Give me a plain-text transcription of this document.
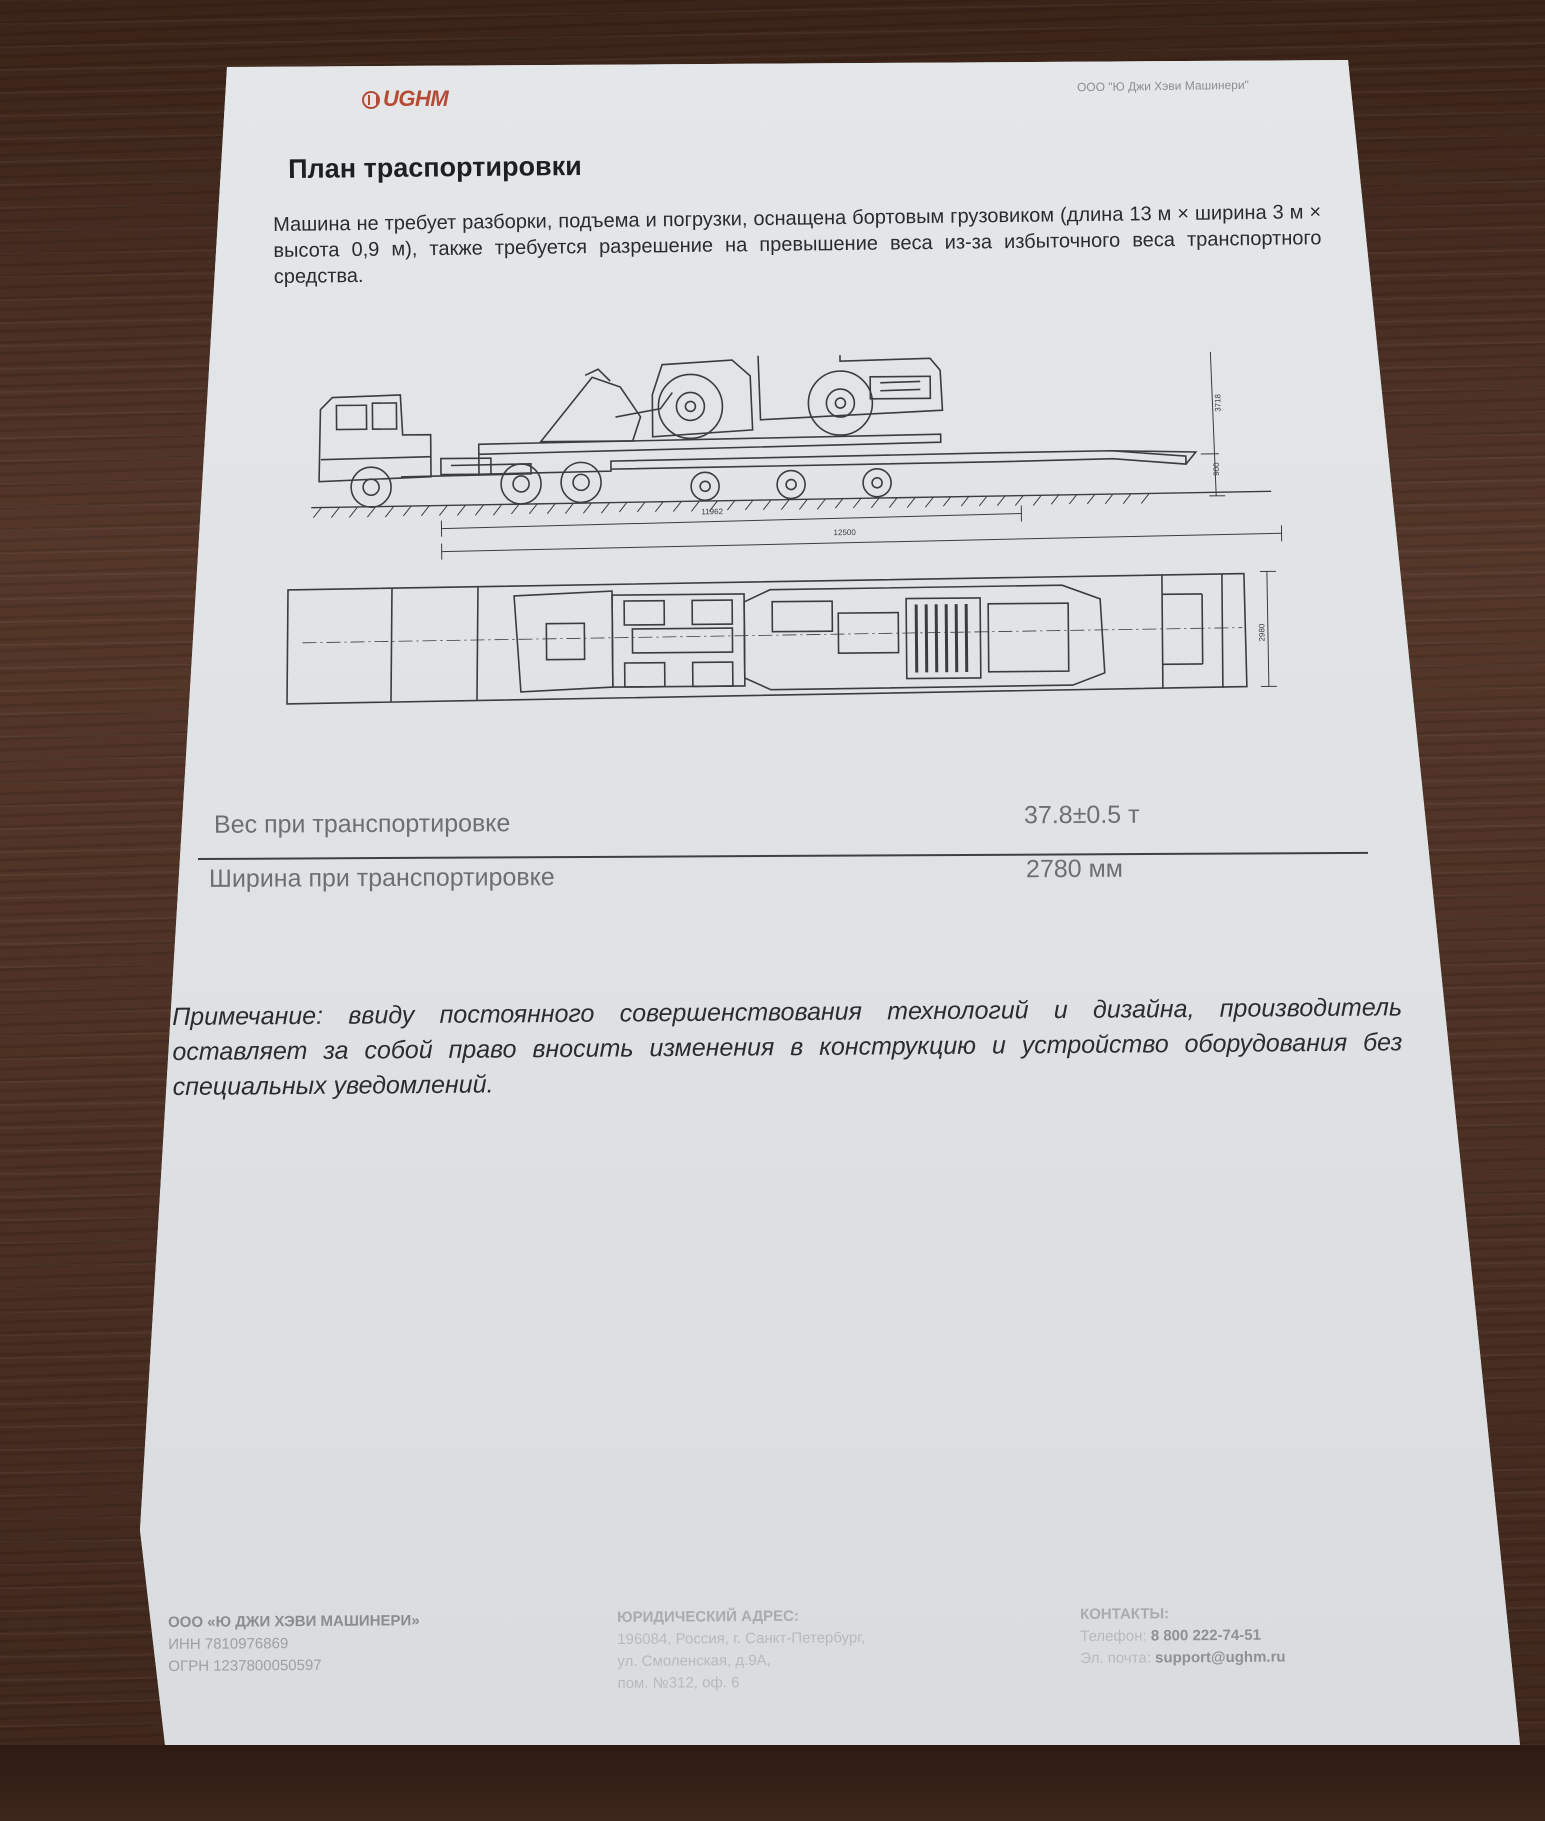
UGHM	ООО "Ю Джи Хэви Машинери"
План траспортировки
Машина не требует разборки, подъема и погрузки, оснащена бортовым грузовиком (длина 13 м × ширина 3 м × высота 0,9 м), также требуется разрешение на превышение веса из-за избыточного веса транспортного средства.
11962
12500
3718
900
2980
Вес при транспортировке	37.8±0.5 т
Ширина при транспортировке	2780 мм
Примечание: ввиду постоянного совершенствования технологий и дизайна, производитель оставляет за собой право вносить изменения в конструкцию и устройство оборудования без специальных уведомлений.
ООО «Ю ДЖИ ХЭВИ МАШИНЕРИ»
ИНН 7810976869
ОГРН 1237800050597
ЮРИДИЧЕСКИЙ АДРЕС:
196084, Россия, г. Санкт-Петербург,
ул. Смоленская, д.9А,
пом. №312, оф. 6
КОНТАКТЫ:
Телефон: 8 800 222-74-51
Эл. почта: support@ughm.ru
